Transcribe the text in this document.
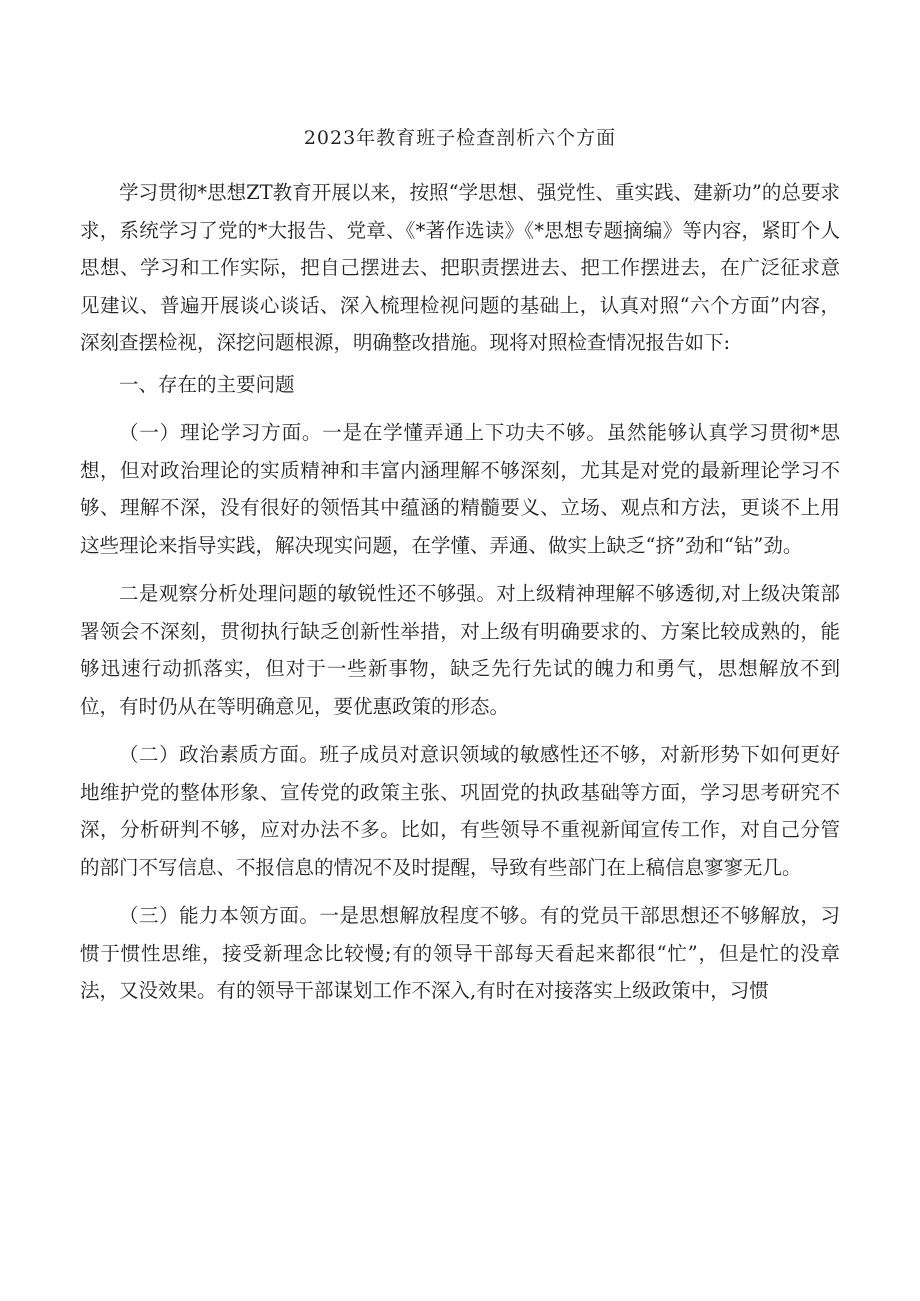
2023年教育班子检查剖析六个方面

学习贯彻*思想ZT教育开展以来，按照“学思想、强党性、重实践、建新功”的总要求求，系统学习了党的*大报告、党章、《*著作选读》《*思想专题摘编》等内容，紧盯个人思想、学习和工作实际，把自己摆进去、把职责摆进去、把工作摆进去，在广泛征求意见建议、普遍开展谈心谈话、深入梳理检视问题的基础上，认真对照“六个方面”内容，深刻查摆检视，深挖问题根源，明确整改措施。现将对照检查情况报告如下:

一、存在的主要问题

（一）理论学习方面。一是在学懂弄通上下功夫不够。虽然能够认真学习贯彻*思想，但对政治理论的实质精神和丰富内涵理解不够深刻，尤其是对党的最新理论学习不够、理解不深，没有很好的领悟其中蕴涵的精髓要义、立场、观点和方法，更谈不上用这些理论来指导实践，解决现实问题，在学懂、弄通、做实上缺乏“挤”劲和“钻”劲。

二是观察分析处理问题的敏锐性还不够强。对上级精神理解不够透彻,对上级决策部署领会不深刻，贯彻执行缺乏创新性举措，对上级有明确要求的、方案比较成熟的，能够迅速行动抓落实，但对于一些新事物，缺乏先行先试的魄力和勇气，思想解放不到位，有时仍从在等明确意见，要优惠政策的形态。

（二）政治素质方面。班子成员对意识领域的敏感性还不够，对新形势下如何更好地维护党的整体形象、宣传党的政策主张、巩固党的执政基础等方面，学习思考研究不深，分析研判不够，应对办法不多。比如，有些领导不重视新闻宣传工作，对自己分管的部门不写信息、不报信息的情况不及时提醒，导致有些部门在上稿信息寥寥无几。

（三）能力本领方面。一是思想解放程度不够。有的党员干部思想还不够解放，习惯于惯性思维，接受新理念比较慢;有的领导干部每天看起来都很“忙”，但是忙的没章法，又没效果。有的领导干部谋划工作不深入,有时在对接落实上级政策中，习惯
